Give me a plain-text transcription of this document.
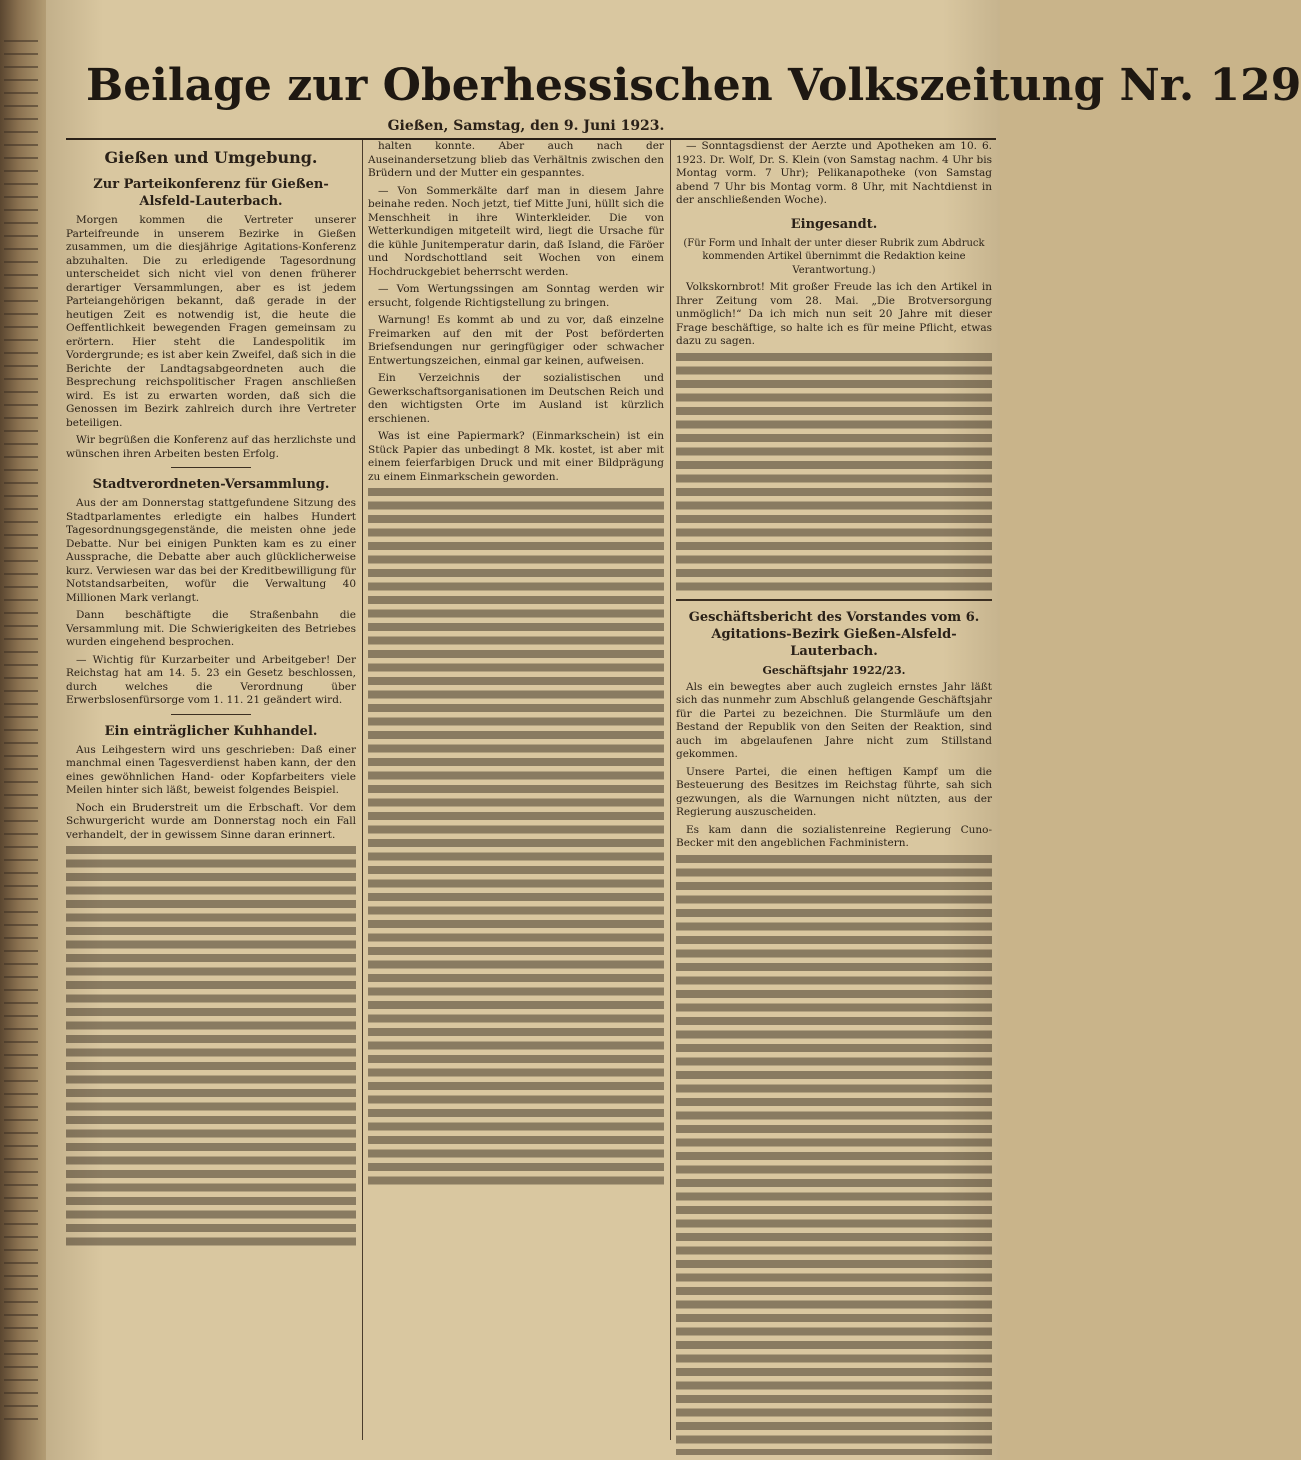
Beilage zur Oberhessischen Volkszeitung Nr. 129
Gießen, Samstag, den 9. Juni 1923.
Gießen und Umgebung.
Zur Parteikonferenz für Gießen-Alsfeld-Lauterbach.

Morgen kommen die Vertreter unserer Parteifreunde in unserem Bezirke in Gießen zusammen, um die diesjährige Agitations-Konferenz abzuhalten. Die zu erledigende Tagesordnung unterscheidet sich nicht viel von denen früherer derartiger Versammlungen, aber es ist jedem Parteiangehörigen bekannt, daß gerade in der heutigen Zeit es notwendig ist, die heute die Oeffentlichkeit bewegenden Fragen gemeinsam zu erörtern. Hier steht die Landespolitik im Vordergrunde; es ist aber kein Zweifel, daß sich in die Berichte der Landtagsabgeordneten auch die Besprechung reichspolitischer Fragen anschließen wird. Es ist zu erwarten worden, daß sich die Genossen im Bezirk zahlreich durch ihre Vertreter beteiligen.

Wir begrüßen die Konferenz auf das herzlichste und wünschen ihren Arbeiten besten Erfolg.

Stadtverordneten-Versammlung.

Aus der am Donnerstag stattgefundene Sitzung des Stadtparlamentes erledigte ein halbes Hundert Tagesordnungsgegenstände, die meisten ohne jede Debatte. Nur bei einigen Punkten kam es zu einer Aussprache, die Debatte aber auch glücklicherweise kurz. Verwiesen war das bei der Kreditbewilligung für Notstandsarbeiten, wofür die Verwaltung 40 Millionen Mark verlangt.

Dann beschäftigte die Straßenbahn die Versammlung mit. Die Schwierigkeiten des Betriebes wurden eingehend besprochen.

— Wichtig für Kurzarbeiter und Arbeitgeber! Der Reichstag hat am 14. 5. 23 ein Gesetz beschlossen, durch welches die Verordnung über Erwerbslosenfürsorge vom 1. 11. 21 geändert wird.

Ein einträglicher Kuhhandel.

Aus Leihgestern wird uns geschrieben: Daß einer manchmal einen Tagesverdienst haben kann, der den eines gewöhnlichen Hand- oder Kopfarbeiters viele Meilen hinter sich läßt, beweist folgendes Beispiel.

Noch ein Bruderstreit um die Erbschaft. Vor dem Schwurgericht wurde am Donnerstag noch ein Fall verhandelt, der in gewissem Sinne daran erinnert.

halten konnte. Aber auch nach der Auseinandersetzung blieb das Verhältnis zwischen den Brüdern und der Mutter ein gespanntes.

— Von Sommerkälte darf man in diesem Jahre beinahe reden. Noch jetzt, tief Mitte Juni, hüllt sich die Menschheit in ihre Winterkleider. Die von Wetterkundigen mitgeteilt wird, liegt die Ursache für die kühle Junitemperatur darin, daß Island, die Färöer und Nordschottland seit Wochen von einem Hochdruckgebiet beherrscht werden.

— Vom Wertungssingen am Sonntag werden wir ersucht, folgende Richtigstellung zu bringen.

Warnung! Es kommt ab und zu vor, daß einzelne Freimarken auf den mit der Post beförderten Briefsendungen nur geringfügiger oder schwacher Entwertungszeichen, einmal gar keinen, aufweisen.

Ein Verzeichnis der sozialistischen und Gewerkschaftsorganisationen im Deutschen Reich und den wichtigsten Orte im Ausland ist kürzlich erschienen.

Was ist eine Papiermark? (Einmarkschein) ist ein Stück Papier das unbedingt 8 Mk. kostet, ist aber mit einem feierfarbigen Druck und mit einer Bildprägung zu einem Einmarkschein geworden.

— Sonntagsdienst der Aerzte und Apotheken am 10. 6. 1923. Dr. Wolf, Dr. S. Klein (von Samstag nachm. 4 Uhr bis Montag vorm. 7 Uhr); Pelikanapotheke (von Samstag abend 7 Uhr bis Montag vorm. 8 Uhr, mit Nachtdienst in der anschließenden Woche).

Eingesandt.

(Für Form und Inhalt der unter dieser Rubrik zum Abdruck kommenden Artikel übernimmt die Redaktion keine Verantwortung.)

Volkskornbrot! Mit großer Freude las ich den Artikel in Ihrer Zeitung vom 28. Mai. „Die Brotversorgung unmöglich!“ Da ich mich nun seit 20 Jahre mit dieser Frage beschäftige, so halte ich es für meine Pflicht, etwas dazu zu sagen.

Geschäftsbericht des Vorstandes vom 6. Agitations-Bezirk Gießen-Alsfeld-Lauterbach.
Geschäftsjahr 1922/23.

Als ein bewegtes aber auch zugleich ernstes Jahr läßt sich das nunmehr zum Abschluß gelangende Geschäftsjahr für die Partei zu bezeichnen. Die Sturmläufe um den Bestand der Republik von den Seiten der Reaktion, sind auch im abgelaufenen Jahre nicht zum Stillstand gekommen.

Unsere Partei, die einen heftigen Kampf um die Besteuerung des Besitzes im Reichstag führte, sah sich gezwungen, als die Warnungen nicht nützten, aus der Regierung auszuscheiden.

Es kam dann die sozialistenreine Regierung Cuno-Becker mit den angeblichen Fachministern.
